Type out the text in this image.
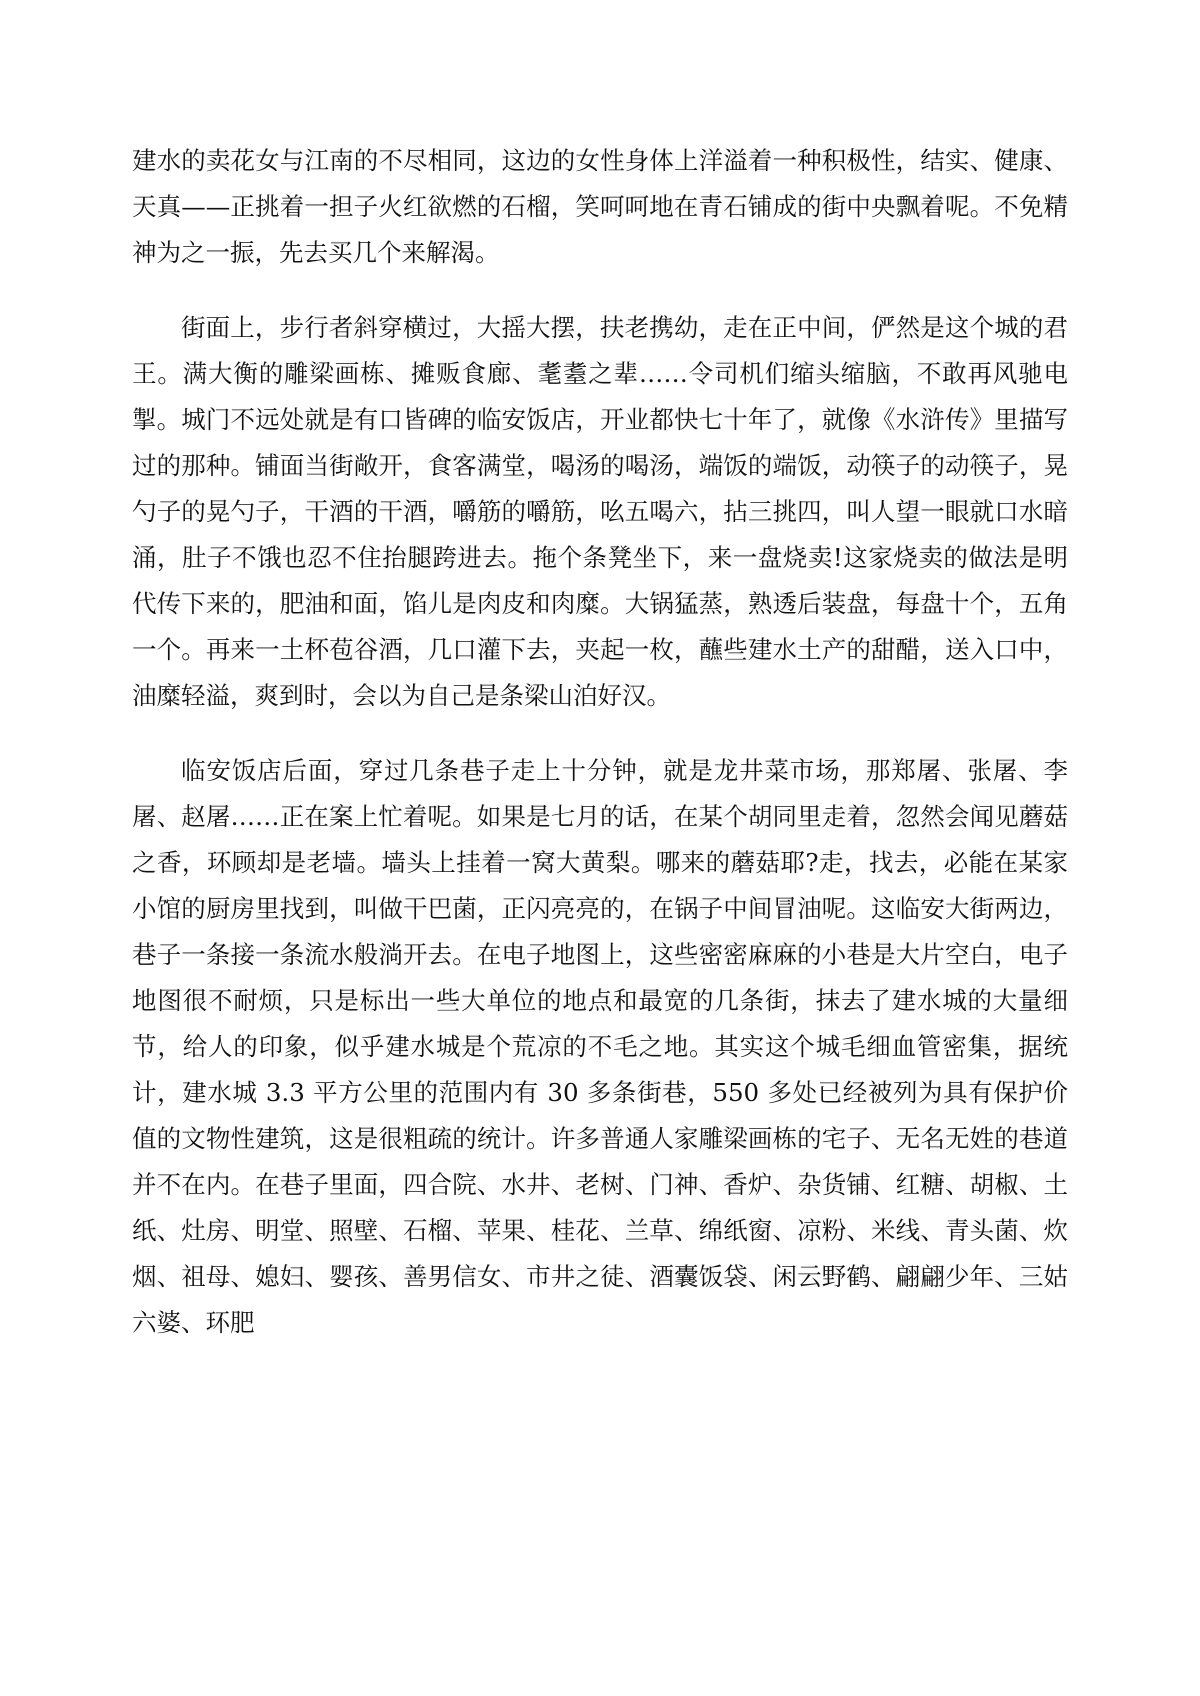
建水的卖花女与江南的不尽相同，这边的女性身体上洋溢着一种积极性，结实、健康、天真——正挑着一担子火红欲燃的石榴，笑呵呵地在青石铺成的街中央飘着呢。不免精神为之一振，先去买几个来解渴。

街面上，步行者斜穿横过，大摇大摆，扶老携幼，走在正中间，俨然是这个城的君王。满大衡的雕梁画栋、摊贩食廊、耄耋之辈……令司机们缩头缩脑，不敢再风驰电掣。城门不远处就是有口皆碑的临安饭店，开业都快七十年了，就像《水浒传》里描写过的那种。铺面当街敞开，食客满堂，喝汤的喝汤，端饭的端饭，动筷子的动筷子，晃勺子的晃勺子，干酒的干酒，嚼筋的嚼筋，吆五喝六，拈三挑四，叫人望一眼就口水暗涌，肚子不饿也忍不住抬腿跨进去。拖个条凳坐下，来一盘烧卖!这家烧卖的做法是明代传下来的，肥油和面，馅儿是肉皮和肉糜。大锅猛蒸，熟透后装盘，每盘十个，五角一个。再来一土杯苞谷酒，几口灌下去，夹起一枚，蘸些建水土产的甜醋，送入口中，油糜轻溢，爽到时，会以为自己是条梁山泊好汉。

临安饭店后面，穿过几条巷子走上十分钟，就是龙井菜市场，那郑屠、张屠、李屠、赵屠……正在案上忙着呢。如果是七月的话，在某个胡同里走着，忽然会闻见蘑菇之香，环顾却是老墙。墙头上挂着一窝大黄梨。哪来的蘑菇耶?走，找去，必能在某家小馆的厨房里找到，叫做干巴菌，正闪亮亮的，在锅子中间冒油呢。这临安大街两边，巷子一条接一条流水般淌开去。在电子地图上，这些密密麻麻的小巷是大片空白，电子地图很不耐烦，只是标出一些大单位的地点和最宽的几条街，抹去了建水城的大量细节，给人的印象，似乎建水城是个荒凉的不毛之地。其实这个城毛细血管密集，据统计，建水城 3.3 平方公里的范围内有 30 多条街巷，550 多处已经被列为具有保护价值的文物性建筑，这是很粗疏的统计。许多普通人家雕梁画栋的宅子、无名无姓的巷道并不在内。在巷子里面，四合院、水井、老树、门神、香炉、杂货铺、红糖、胡椒、土纸、灶房、明堂、照壁、石榴、苹果、桂花、兰草、绵纸窗、凉粉、米线、青头菌、炊烟、祖母、媳妇、婴孩、善男信女、市井之徒、酒囊饭袋、闲云野鹤、翩翩少年、三姑六婆、环肥
